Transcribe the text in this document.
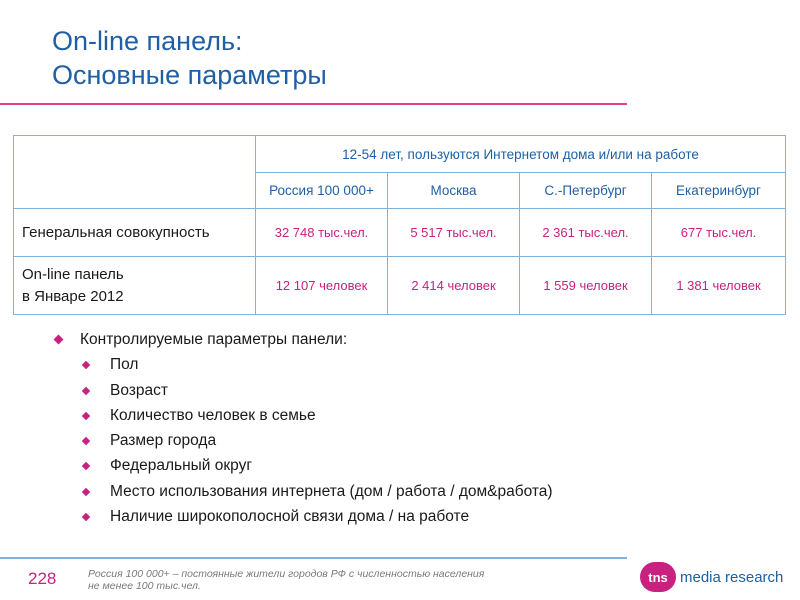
On-line панель:
Основные параметры
	12-54 лет, пользуются Интернетом дома и/или на работе			
	Россия 100 000+	Москва	С.-Петербург	Екатеринбург

Генеральная совокупность	32 748 тыс.чел.	5 517 тыс.чел.	2 361 тыс.чел.	677 тыс.чел.

On-line панель
в Январе 2012	12 107 человек	2 414 человек	1 559 человек	1 381 человек
Контролируемые параметры панели:
Пол
Возраст
Количество человек в семье
Размер города
Федеральный округ
Место использования интернета (дом / работа / дом&работа)
Наличие широкополосной связи дома / на работе
228	Россия 100 000+ – постоянные жители городов РФ с численностью населения
не менее 100 тыс.чел.
tns media research
